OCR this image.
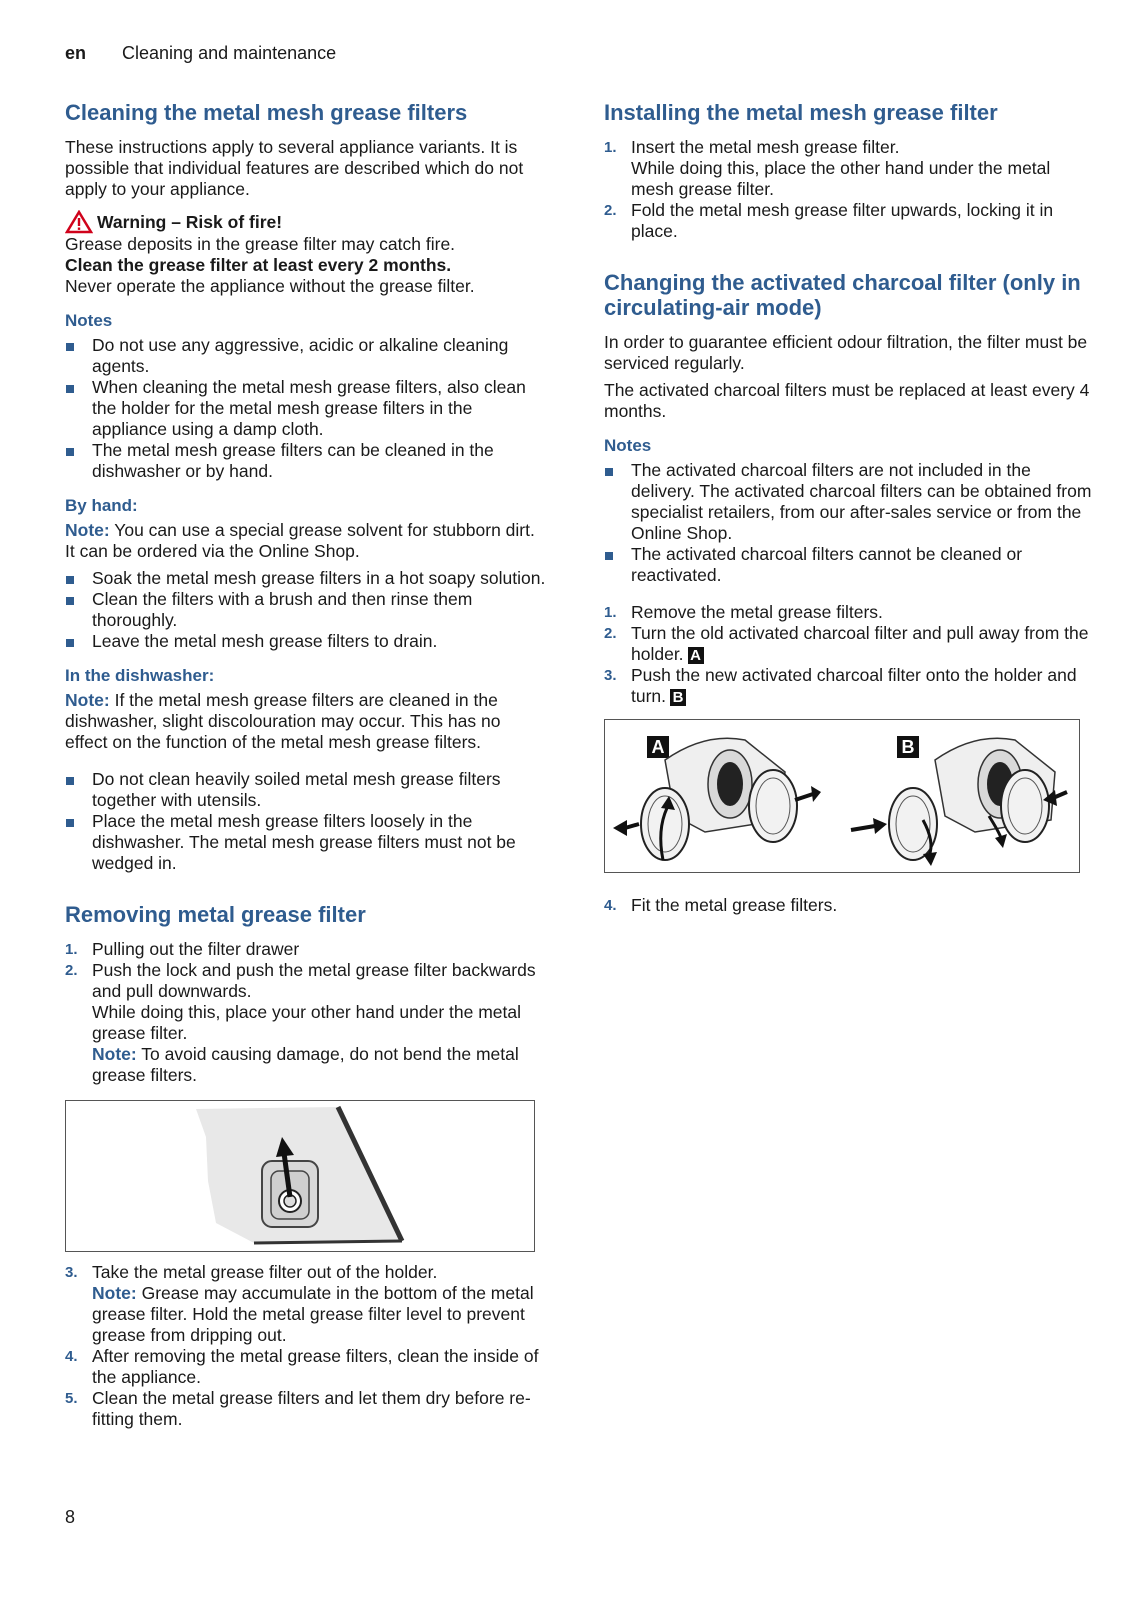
en Cleaning and maintenance
Cleaning the metal mesh grease filters

These instructions apply to several appliance variants. It is possible that individual features are described which do not apply to your appliance.

Warning – Risk of fire!

Grease deposits in the grease filter may catch fire.

Clean the grease filter at least every 2 months.

Never operate the appliance without the grease filter.

Notes
Do not use any aggressive, acidic or alkaline cleaning agents.
When cleaning the metal mesh grease filters, also clean the holder for the metal mesh grease filters in the appliance using a damp cloth.
The metal mesh grease filters can be cleaned in the dishwasher or by hand.
By hand:

Note: You can use a special grease solvent for stubborn dirt. It can be ordered via the Online Shop.

Soak the metal mesh grease filters in a hot soapy solution.
Clean the filters with a brush and then rinse them thoroughly.
Leave the metal mesh grease filters to drain.
In the dishwasher:

Note: If the metal mesh grease filters are cleaned in the dishwasher, slight discolouration may occur. This has no effect on the function of the metal mesh grease filters.

Do not clean heavily soiled metal mesh grease filters together with utensils.
Place the metal mesh grease filters loosely in the dishwasher. The metal mesh grease filters must not be wedged in.
Removing metal grease filter
1. Pulling out the filter drawer
2. Push the lock and push the metal grease filter backwards and pull downwards.
While doing this, place your other hand under the metal grease filter.
Note: To avoid causing damage, do not bend the metal grease filters.
3. Take the metal grease filter out of the holder.
Note: Grease may accumulate in the bottom of the metal grease filter. Hold the metal grease filter level to prevent grease from dripping out.
4. After removing the metal grease filters, clean the inside of the appliance.
5. Clean the metal grease filters and let them dry before re-fitting them.
Installing the metal mesh grease filter
1. Insert the metal mesh grease filter.
While doing this, place the other hand under the metal mesh grease filter.
2. Fold the metal mesh grease filter upwards, locking it in place.
Changing the activated charcoal filter (only in circulating-air mode)

In order to guarantee efficient odour filtration, the filter must be serviced regularly.

The activated charcoal filters must be replaced at least every 4 months.

Notes
The activated charcoal filters are not included in the delivery. The activated charcoal filters can be obtained from specialist retailers, from our after-sales service or from the Online Shop.
The activated charcoal filters cannot be cleaned or reactivated.
1. Remove the metal grease filters.
2. Turn the old activated charcoal filter and pull away from the holder. A
3. Push the new activated charcoal filter onto the holder and turn. B
A	B
4. Fit the metal grease filters.
8
